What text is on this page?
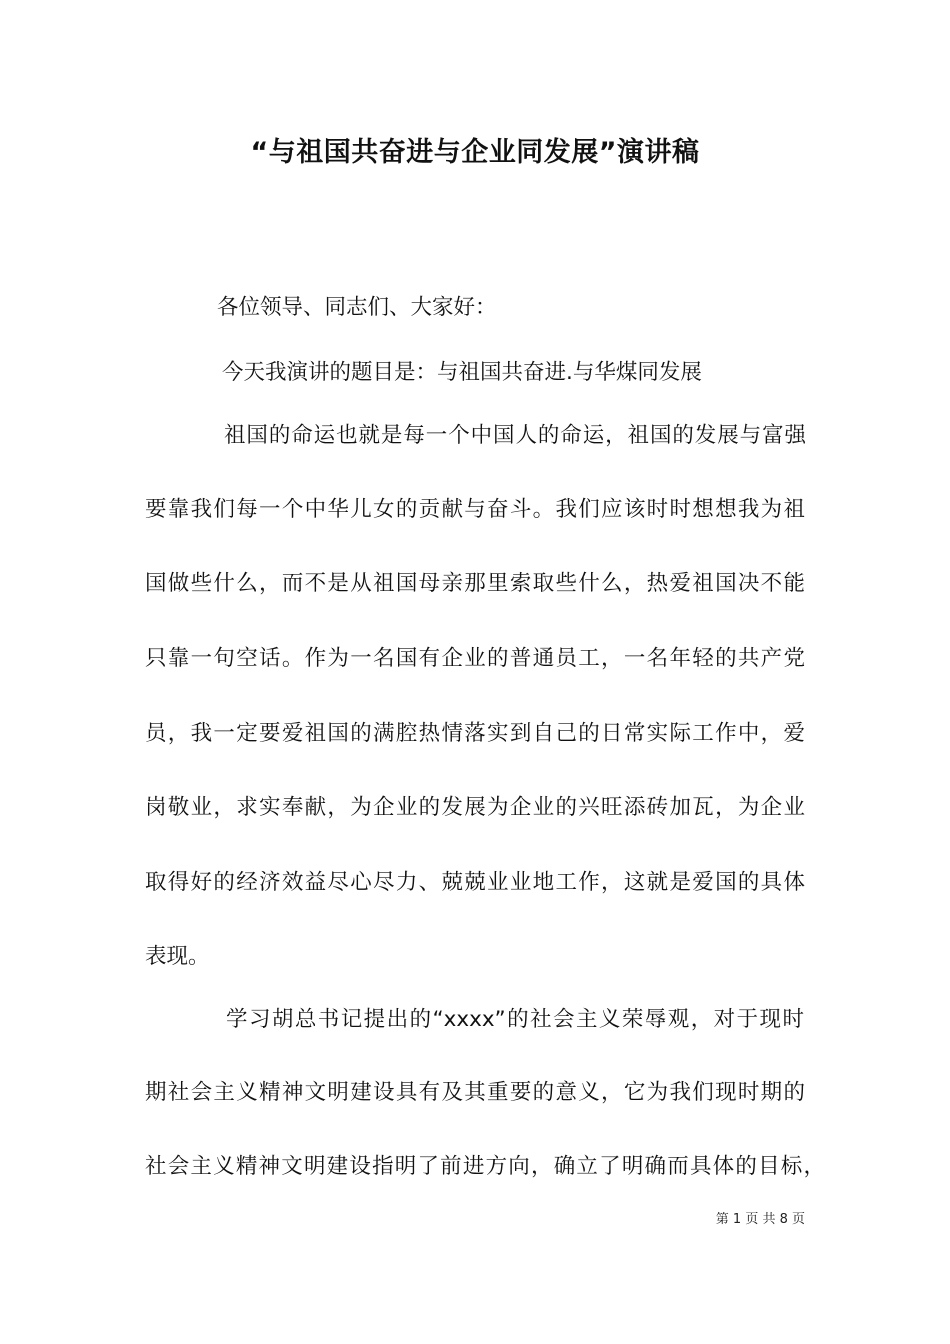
“与祖国共奋进与企业同发展”演讲稿

各位领导、同志们、大家好：

今天我演讲的题目是：与祖国共奋进.与华煤同发展

祖国的命运也就是每一个中国人的命运，祖国的发展与富强

要靠我们每一个中华儿女的贡献与奋斗。我们应该时时想想我为祖

国做些什么，而不是从祖国母亲那里索取些什么，热爱祖国决不能

只靠一句空话。作为一名国有企业的普通员工，一名年轻的共产党

员，我一定要爱祖国的满腔热情落实到自己的日常实际工作中，爱

岗敬业，求实奉献，为企业的发展为企业的兴旺添砖加瓦，为企业

取得好的经济效益尽心尽力、兢兢业业地工作，这就是爱国的具体

表现。

学习胡总书记提出的“xxxx”的社会主义荣辱观，对于现时

期社会主义精神文明建设具有及其重要的意义，它为我们现时期的

社会主义精神文明建设指明了前进方向，确立了明确而具体的目标，

第 1 页 共 8 页
